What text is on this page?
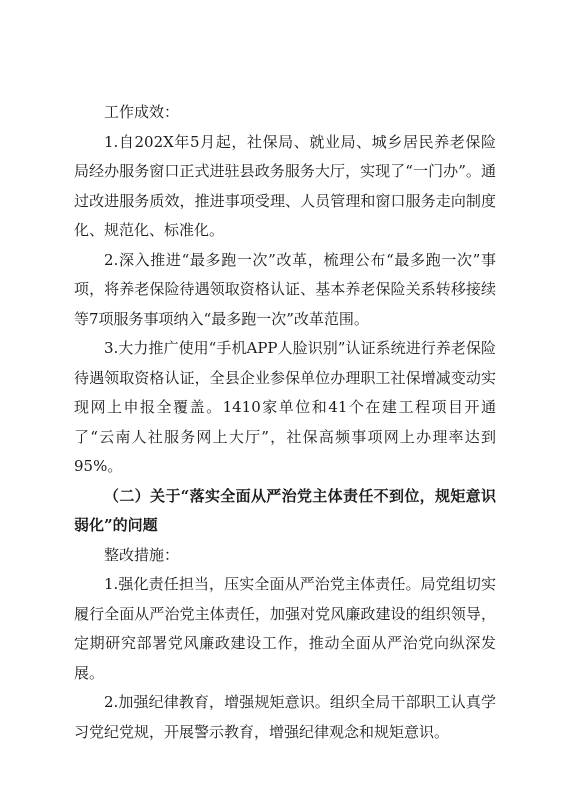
工作成效：

1.自202X年5月起，社保局、就业局、城乡居民养老保险局经办服务窗口正式进驻县政务服务大厅，实现了“一门办”。通过改进服务质效，推进事项受理、人员管理和窗口服务走向制度化、规范化、标准化。

2.深入推进“最多跑一次”改革，梳理公布“最多跑一次”事项，将养老保险待遇领取资格认证、基本养老保险关系转移接续等7项服务事项纳入“最多跑一次”改革范围。

3.大力推广使用“手机APP人脸识别”认证系统进行养老保险待遇领取资格认证，全县企业参保单位办理职工社保增减变动实现网上申报全覆盖。1410家单位和41个在建工程项目开通了“云南人社服务网上大厅”，社保高频事项网上办理率达到95%。

（二）关于“落实全面从严治党主体责任不到位，规矩意识弱化”的问题

整改措施：

1.强化责任担当，压实全面从严治党主体责任。局党组切实履行全面从严治党主体责任，加强对党风廉政建设的组织领导，定期研究部署党风廉政建设工作，推动全面从严治党向纵深发展。

2.加强纪律教育，增强规矩意识。组织全局干部职工认真学习党纪党规，开展警示教育，增强纪律观念和规矩意识。
